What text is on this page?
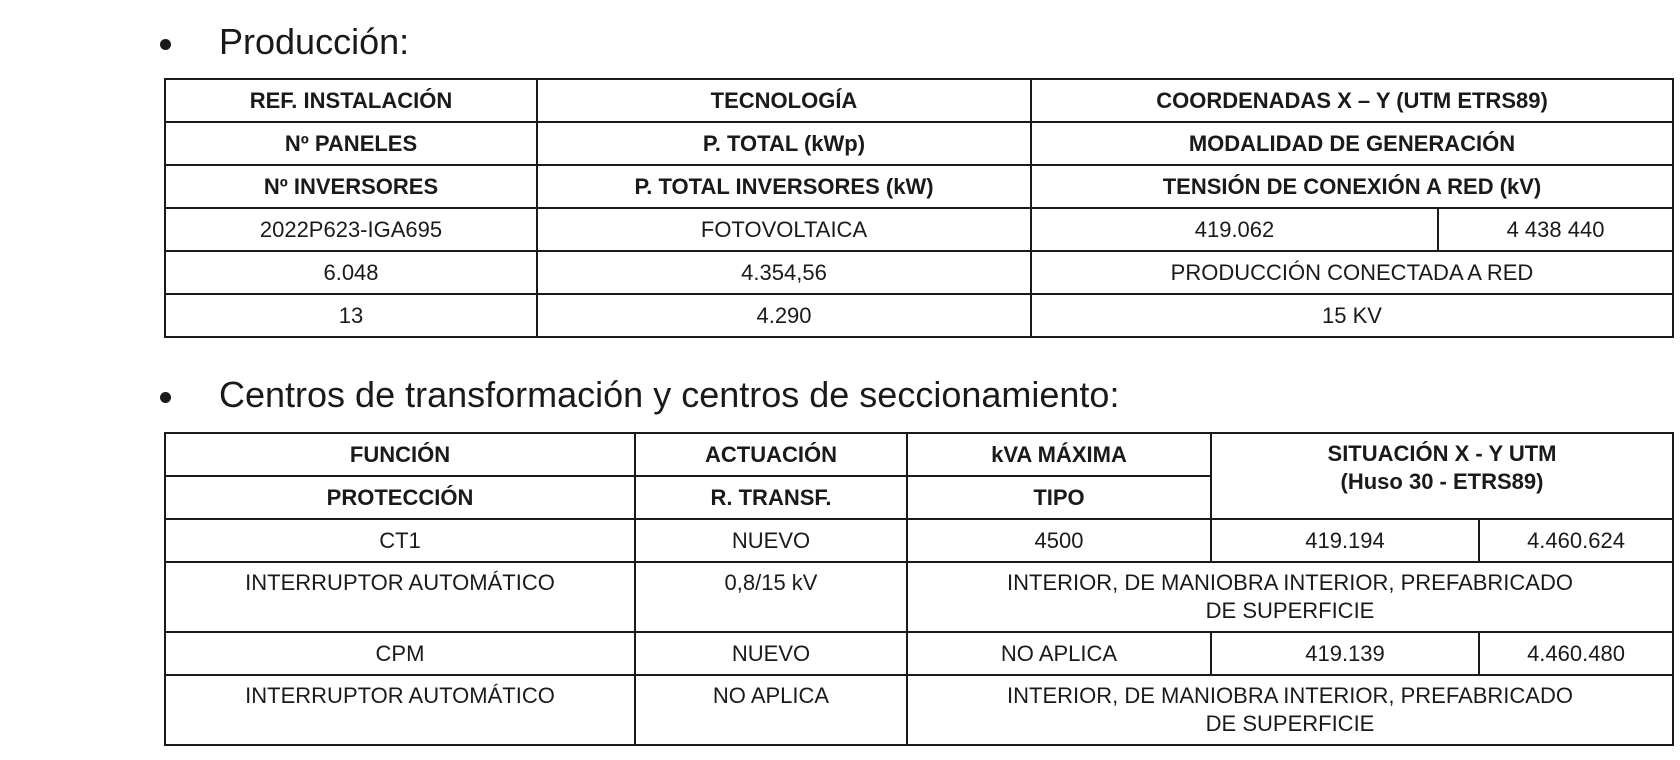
Producción:
REF. INSTALACIÓN	TECNOLOGÍA	COORDENADAS X – Y (UTM ETRS89)	
Nº PANELES	P. TOTAL (kWp)	MODALIDAD DE GENERACIÓN	
Nº INVERSORES	P. TOTAL INVERSORES (kW)	TENSIÓN DE CONEXIÓN A RED (kV)	
2022P623-IGA695	FOTOVOLTAICA	419.062	4 438 440
6.048	4.354,56	PRODUCCIÓN CONECTADA A RED	
13	4.290	15 KV	
Centros de transformación y centros de seccionamiento:
FUNCIÓN	ACTUACIÓN	kVA MÁXIMA	SITUACIÓN X - Y UTM
(Huso 30 - ETRS89)	

PROTECCIÓN	R. TRANSF.	TIPO		
CT1	NUEVO	4500	419.194	4.460.624
INTERRUPTOR AUTOMÁTICO	0,8/15 kV	INTERIOR, DE MANIOBRA INTERIOR, PREFABRICADO
DE SUPERFICIE		

CPM	NUEVO	NO APLICA	419.139	4.460.480
INTERRUPTOR AUTOMÁTICO	NO APLICA	INTERIOR, DE MANIOBRA INTERIOR, PREFABRICADO
DE SUPERFICIE		
